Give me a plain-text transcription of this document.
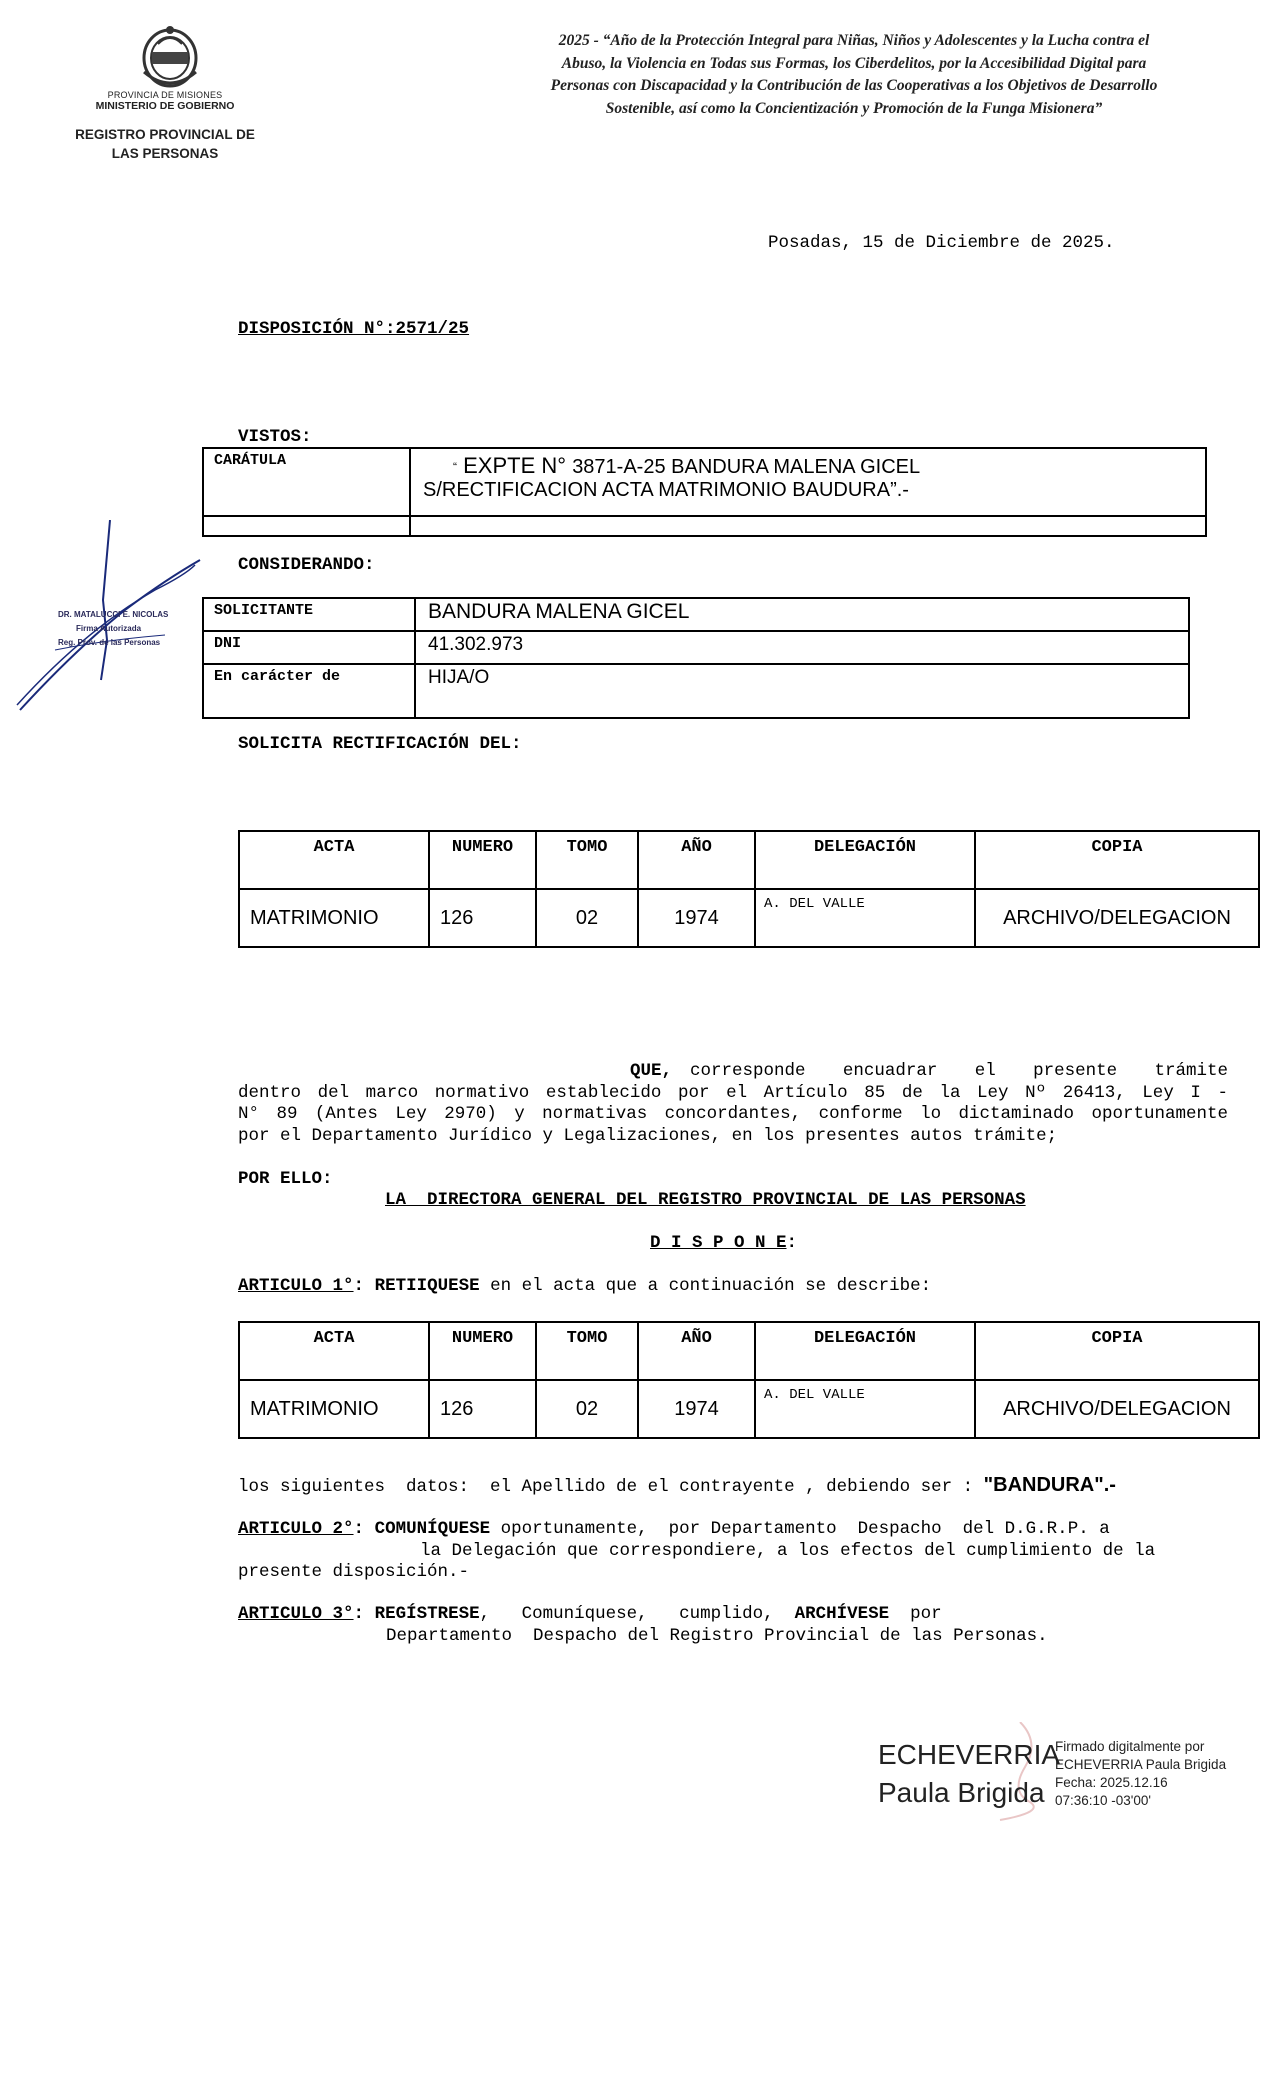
PROVINCIA DE MISIONES
MINISTERIO DE GOBIERNO
REGISTRO PROVINCIAL DE
LAS PERSONAS
2025 - “Año de la Protección Integral para Niñas, Niños y Adolescentes y la Lucha contra el Abuso, la Violencia en Todas sus Formas, los Ciberdelitos, por la Accesibilidad Digital para Personas con Discapacidad y la Contribución de las Cooperativas a los Objetivos de Desarrollo Sostenible, así como la Concientización y Promoción de la Funga Misionera”
Posadas, 15 de Diciembre de 2025.
DISPOSICIÓN N°:2571/25
VISTOS:
CARÁTULA	“ EXPTE N° 3871-A-25 BANDURA MALENA GICEL
S/RECTIFICACION ACTA MATRIMONIO BAUDURA”.-

CONSIDERANDO:
SOLICITANTE	BANDURA MALENA GICEL
DNI	41.302.973
En carácter de	HIJA/O
DR. MATALUCCI E. NICOLAS
Firma Autorizada
Reg. Prov. de las Personas
SOLICITA RECTIFICACIÓN DEL:
ACTA	NUMERO	TOMO	AÑO	DELEGACIÓN	COPIA
MATRIMONIO	126	02	1974	A. DEL VALLE	ARCHIVO/DELEGACION
QUE,	corresponde encuadrar el presente trámite
dentro del marco normativo establecido por el Artículo 85 de la Ley Nº 26413, Ley I -
N° 89 (Antes Ley 2970) y normativas concordantes, conforme lo dictaminado oportunamente
por el Departamento Jurídico y Legalizaciones, en los presentes autos trámite;
POR ELLO:
LA  DIRECTORA GENERAL DEL REGISTRO PROVINCIAL DE LAS PERSONAS
D I S P O N E:
ARTICULO 1°: RETIIQUESE en el acta que a continuación se describe:
ACTA	NUMERO	TOMO	AÑO	DELEGACIÓN	COPIA
MATRIMONIO	126	02	1974	A. DEL VALLE	ARCHIVO/DELEGACION
los siguientes  datos:  el Apellido de el contrayente , debiendo ser : "BANDURA".-
ARTICULO 2°: COMUNÍQUESE oportunamente,  por Departamento  Despacho  del D.G.R.P. a
la Delegación que correspondiere, a los efectos del cumplimiento de la
presente disposición.-
ARTICULO 3°: REGÍSTRESE,   Comuníquese,   cumplido,  ARCHÍVESE  por
Departamento  Despacho del Registro Provincial de las Personas.
ECHEVERRIA
Paula Brigida
Firmado digitalmente por
ECHEVERRIA Paula Brigida
Fecha: 2025.12.16
07:36:10 -03'00'
